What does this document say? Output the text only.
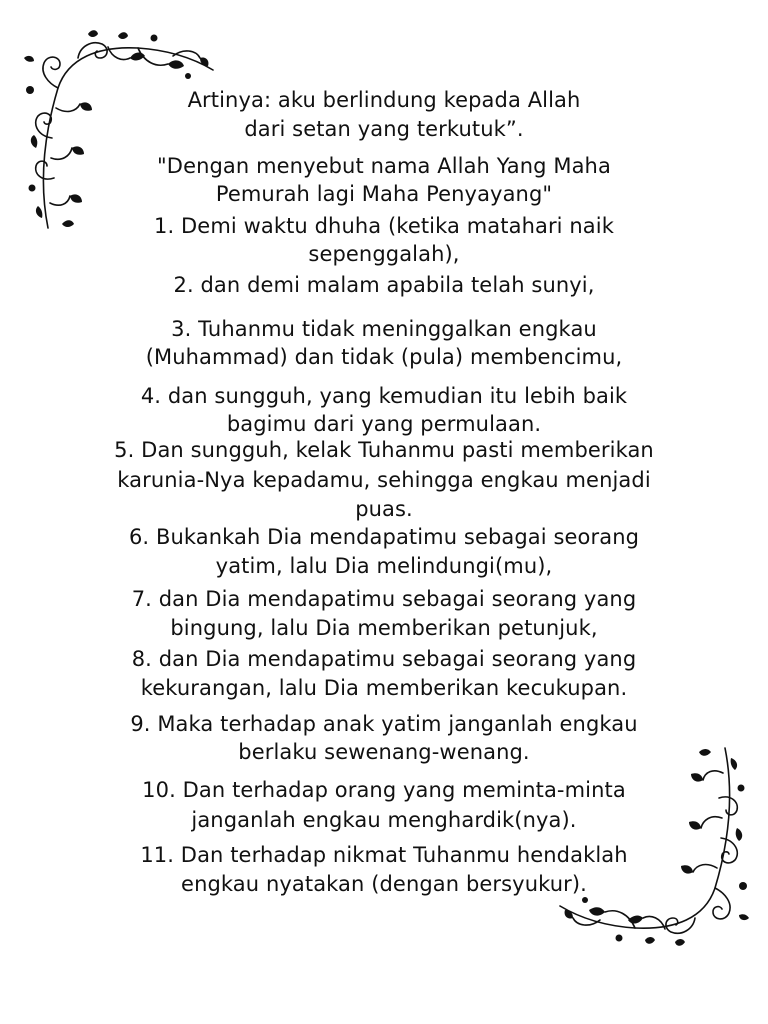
Artinya: aku berlindung kepada Allah
dari setan yang terkutuk”.
"Dengan menyebut nama Allah Yang Maha
Pemurah lagi Maha Penyayang"
1. Demi waktu dhuha (ketika matahari naik
sepenggalah),
2. dan demi malam apabila telah sunyi,
3. Tuhanmu tidak meninggalkan engkau
(Muhammad) dan tidak (pula) membencimu,
4. dan sungguh, yang kemudian itu lebih baik
bagimu dari yang permulaan.
5. Dan sungguh, kelak Tuhanmu pasti memberikan
karunia-Nya kepadamu, sehingga engkau menjadi
puas.
6. Bukankah Dia mendapatimu sebagai seorang
yatim, lalu Dia melindungi(mu),
7. dan Dia mendapatimu sebagai seorang yang
bingung, lalu Dia memberikan petunjuk,
8. dan Dia mendapatimu sebagai seorang yang
kekurangan, lalu Dia memberikan kecukupan.
9. Maka terhadap anak yatim janganlah engkau
berlaku sewenang-wenang.
10. Dan terhadap orang yang meminta-minta
janganlah engkau menghardik(nya).
11. Dan terhadap nikmat Tuhanmu hendaklah
engkau nyatakan (dengan bersyukur).
